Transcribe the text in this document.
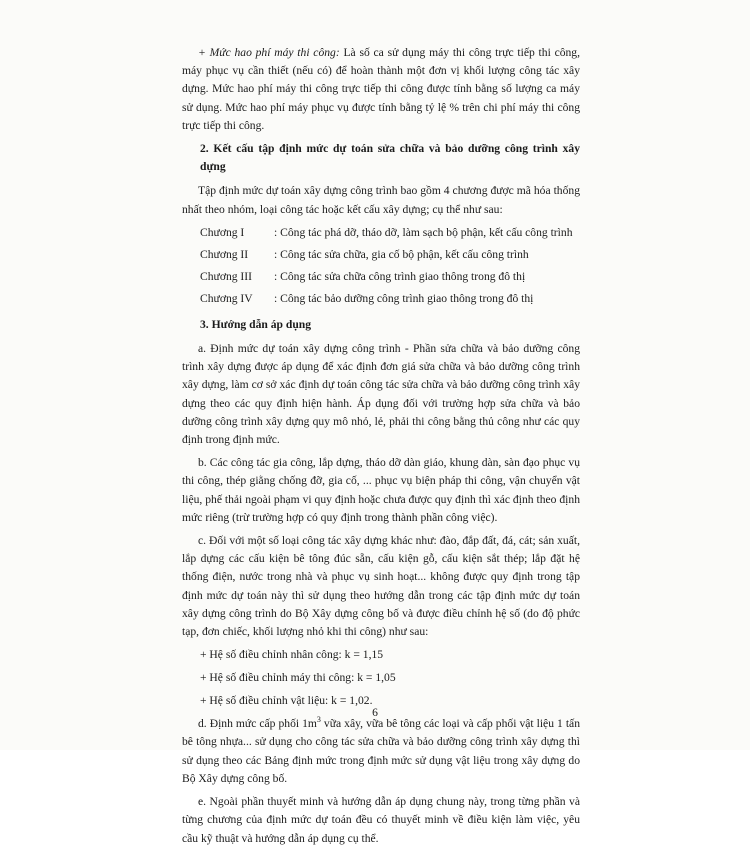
+ Mức hao phí máy thi công: Là số ca sử dụng máy thi công trực tiếp thi công, máy phục vụ cần thiết (nếu có) để hoàn thành một đơn vị khối lượng công tác xây dựng. Mức hao phí máy thi công trực tiếp thi công được tính bằng số lượng ca máy sử dụng. Mức hao phí máy phục vụ được tính bằng tỷ lệ % trên chi phí máy thi công trực tiếp thi công.

2. Kết cấu tập định mức dự toán sửa chữa và bảo dưỡng công trình xây dựng

Tập định mức dự toán xây dựng công trình bao gồm 4 chương được mã hóa thống nhất theo nhóm, loại công tác hoặc kết cấu xây dựng; cụ thể như sau:

Chương I	: Công tác phá dỡ, tháo dỡ, làm sạch bộ phận, kết cấu công trình
Chương II	: Công tác sửa chữa, gia cố bộ phận, kết cấu công trình
Chương III	: Công tác sửa chữa công trình giao thông trong đô thị
Chương IV	: Công tác bảo dưỡng công trình giao thông trong đô thị

3. Hướng dẫn áp dụng

a. Định mức dự toán xây dựng công trình - Phần sửa chữa và bảo dưỡng công trình xây dựng được áp dụng để xác định đơn giá sửa chữa và bảo dưỡng công trình xây dựng, làm cơ sở xác định dự toán công tác sửa chữa và bảo dưỡng công trình xây dựng theo các quy định hiện hành. Áp dụng đối với trường hợp sửa chữa và bảo dưỡng công trình xây dựng quy mô nhỏ, lẻ, phải thi công bằng thủ công như các quy định trong định mức.

b. Các công tác gia công, lắp dựng, tháo dỡ dàn giáo, khung dàn, sàn đạo phục vụ thi công, thép giằng chống đỡ, gia cố, ... phục vụ biện pháp thi công, vận chuyển vật liệu, phế thải ngoài phạm vi quy định hoặc chưa được quy định thì xác định theo định mức riêng (trừ trường hợp có quy định trong thành phần công việc).

c. Đối với một số loại công tác xây dựng khác như: đào, đắp đất, đá, cát; sản xuất, lắp dựng các cấu kiện bê tông đúc sẵn, cấu kiện gỗ, cấu kiện sắt thép; lắp đặt hệ thống điện, nước trong nhà và phục vụ sinh hoạt... không được quy định trong tập định mức dự toán này thì sử dụng theo hướng dẫn trong các tập định mức dự toán xây dựng công trình do Bộ Xây dựng công bố và được điều chỉnh hệ số (do độ phức tạp, đơn chiếc, khối lượng nhỏ khi thi công) như sau:

+ Hệ số điều chỉnh nhân công: k = 1,15
+ Hệ số điều chỉnh máy thi công: k = 1,05
+ Hệ số điều chỉnh vật liệu: k = 1,02.

d. Định mức cấp phối $1m^3$ vữa xây, vữa bê tông các loại và cấp phối vật liệu 1 tấn bê tông nhựa... sử dụng cho công tác sửa chữa và bảo dưỡng công trình xây dựng thì sử dụng theo các Bảng định mức trong định mức sử dụng vật liệu trong xây dựng do Bộ Xây dựng công bố.

e. Ngoài phần thuyết minh và hướng dẫn áp dụng chung này, trong từng phần và từng chương của định mức dự toán đều có thuyết minh về điều kiện làm việc, yêu cầu kỹ thuật và hướng dẫn áp dụng cụ thể.

6
